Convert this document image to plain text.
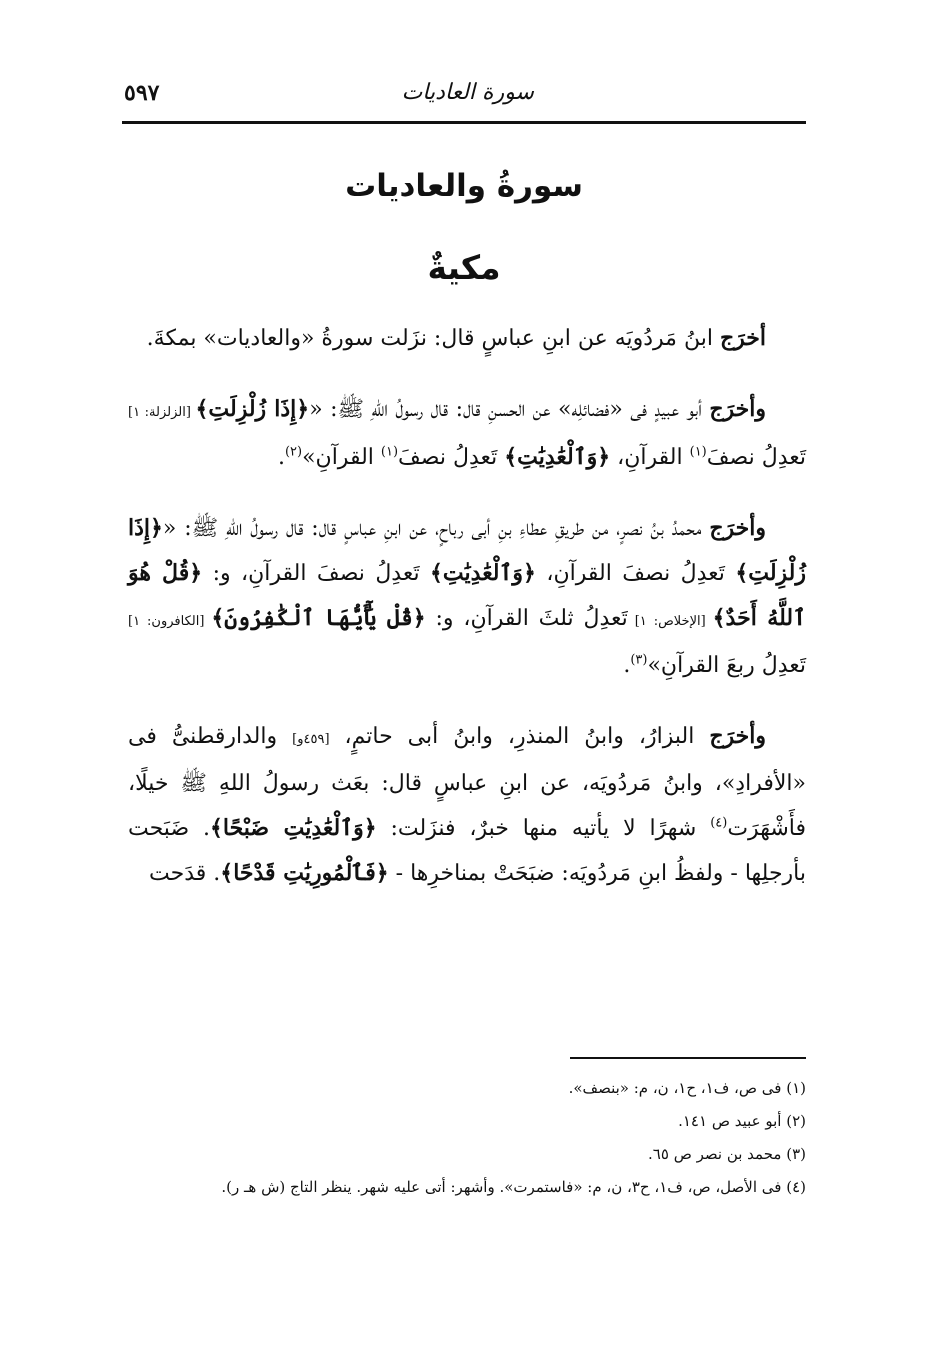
سورة العاديات
٥٩٧
سورةُ والعاديات
مكيةٌ

أخرَج ابنُ مَردُويَه عن ابنِ عباسٍ قال: نزَلت سورةُ «والعاديات» بمكةَ.

وأخرَج أبو عبيدٍ فى «فضائلِه» عن الحسنِ قال: قال رسولُ اللهِ ﷺ: «﴿إِذَا زُلْزِلَتِ﴾ [الزلزلة: ١] تَعدِلُ نصفَ$^{(١)}$ القرآنِ، ﴿وَٱلْعَٰدِيَٰتِ﴾ تَعدِلُ نصفَ$^{(١)}$ القرآنِ»$^{(٢)}$.

وأخرَج محمدُ بنُ نصرٍ، من طريقِ عطاءِ بنِ أبى رباحٍ، عن ابنِ عباسٍ قال: قال رسولُ اللهِ ﷺ: «﴿إِذَا زُلْزِلَتِ﴾ تَعدِلُ نصفَ القرآنِ، ﴿وَٱلْعَٰدِيَٰتِ﴾ تَعدِلُ نصفَ القرآنِ، و: ﴿قُلْ هُوَ ٱللَّهُ أَحَدٌ﴾ [الإخلاص: ١] تَعدِلُ ثلثَ القرآنِ، و: ﴿قُلْ يَٰٓأَيُّهَا ٱلْكَٰفِرُونَ﴾ [الكافرون: ١] تَعدِلُ ربعَ القرآنِ»$^{(٣)}$.

وأخرَج البزارُ، وابنُ المنذرِ، وابنُ أبى حاتمٍ، [٤٥٩و] والدارقطنىُّ فى «الأفرادِ»، وابنُ مَردُويَه، عن ابنِ عباسٍ قال: بعَث رسولُ اللهِ ﷺ خيلًا، فأَشْهَرَت$^{(٤)}$ شهرًا لا يأتيه منها خبرٌ، فنزَلت: ﴿وَٱلْعَٰدِيَٰتِ ضَبْحًا﴾. ضَبَحت بأرجلِها - ولفظُ ابنِ مَردُويَه: ضبَحَتْ بمناخرِها - ﴿فَٱلْمُورِيَٰتِ قَدْحًا﴾. قدَحت

(١) فى ص، ف١، ح١، ن، م: «بنصف».
(٢) أبو عبيد ص ١٤١.
(٣) محمد بن نصر ص ٦٥.
(٤) فى الأصل، ص، ف١، ح٣، ن، م: «فاستمرت». وأشهر: أتى عليه شهر. ينظر التاج (ش هـ ر).
